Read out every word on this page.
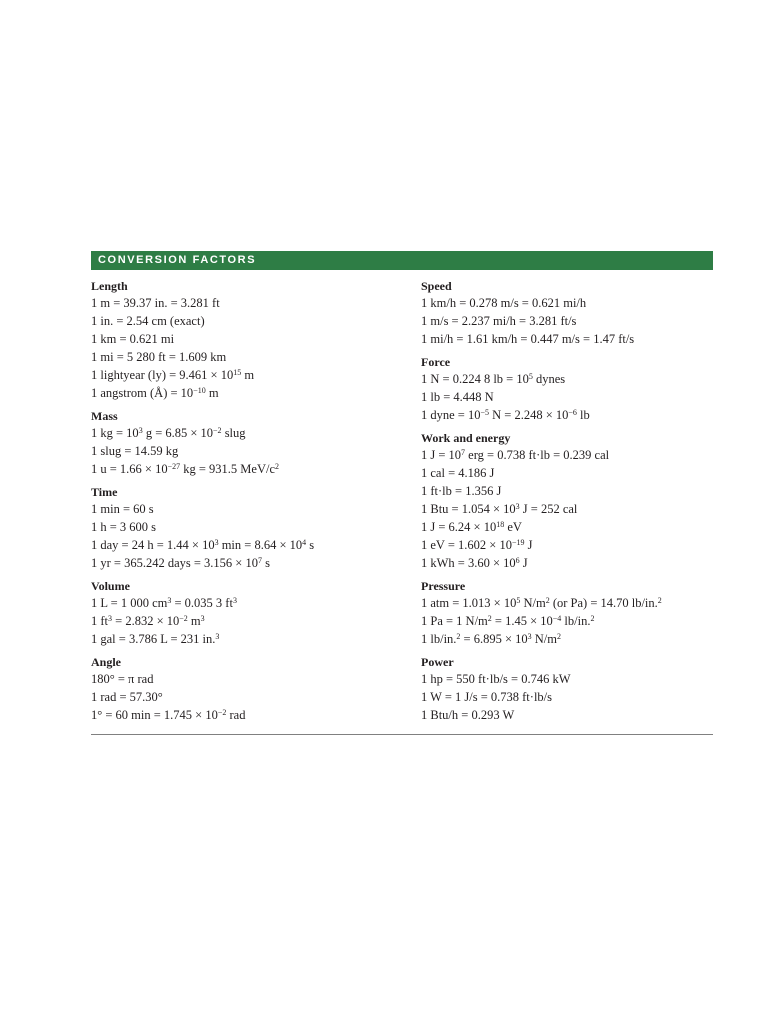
CONVERSION FACTORS
Length
1 m = 39.37 in. = 3.281 ft
1 in. = 2.54 cm (exact)
1 km = 0.621 mi
1 mi = 5 280 ft = 1.609 km
1 lightyear $(ly) = 9.461 \times 10^{15}$ m
1 angstrom (Å) = $10^{-10}$ m
Mass
1 kg = $10^3$ $g = 6.85 \times 10^{-2}$ slug
1 slug = 14.59 kg
1 $u = 1.66 \times 10^{-27}$ kg = 931.5 MeV/$c^2$
Time
1 min = 60 s
1 h = 3 600 s
1 day = 24 $h = 1.44 \times 10^3$ $\min = 8.64 \times 10^4$ s
1 yr = 365.242 days = $3.156 \times 10^7$ s
Volume
1 L = 1 000 $cm^3 = 0.035$ 3 $ft^3$
1 $ft^3 = 2.832 \times 10^{-2}$ $m^3$
1 gal = 3.786 L = 231 in.$^3$
Angle
180° = π rad
1 rad = 57.30°
1° = 60 $\min = 1.745 \times 10^{-2}$ rad
Speed
1 km/h = 0.278 m/s = 0.621 mi/h
1 m/s = 2.237 mi/h = 3.281 ft/s
1 mi/h = 1.61 km/h = 0.447 m/s = 1.47 ft/s
Force
1 N = 0.224 8 lb = $10^5$ dynes
1 lb = 4.448 N
1 dyne = $10^{-5}$ $N = 2.248 \times 10^{-6}$ lb
Work and energy
1 $J = 10^7$ erg = 0.738 ft·lb = 0.239 cal
1 cal = 4.186 J
1 ft·lb = 1.356 J
1 Btu = $1.054 \times 10^3$ J = 252 cal
1 $J = 6.24 \times 10^{18}$ eV
1 eV = $1.602 \times 10^{-19}$ J
1 kWh = $3.60 \times 10^6$ J
Pressure
1 atm = $1.013 \times 10^5$ $N/m^2$ (or Pa) = 14.70 lb/in.$^2$
1 Pa = 1 $N/m^2 = 1.45 \times 10^{-4}$ lb/in.$^2$
1 $lb/in.^2 = 6.895 \times 10^3$ $N/m^2$
Power
1 hp = 550 ft·lb/s = 0.746 kW
1 W = 1 J/s = 0.738 ft·lb/s
1 Btu/h = 0.293 W
